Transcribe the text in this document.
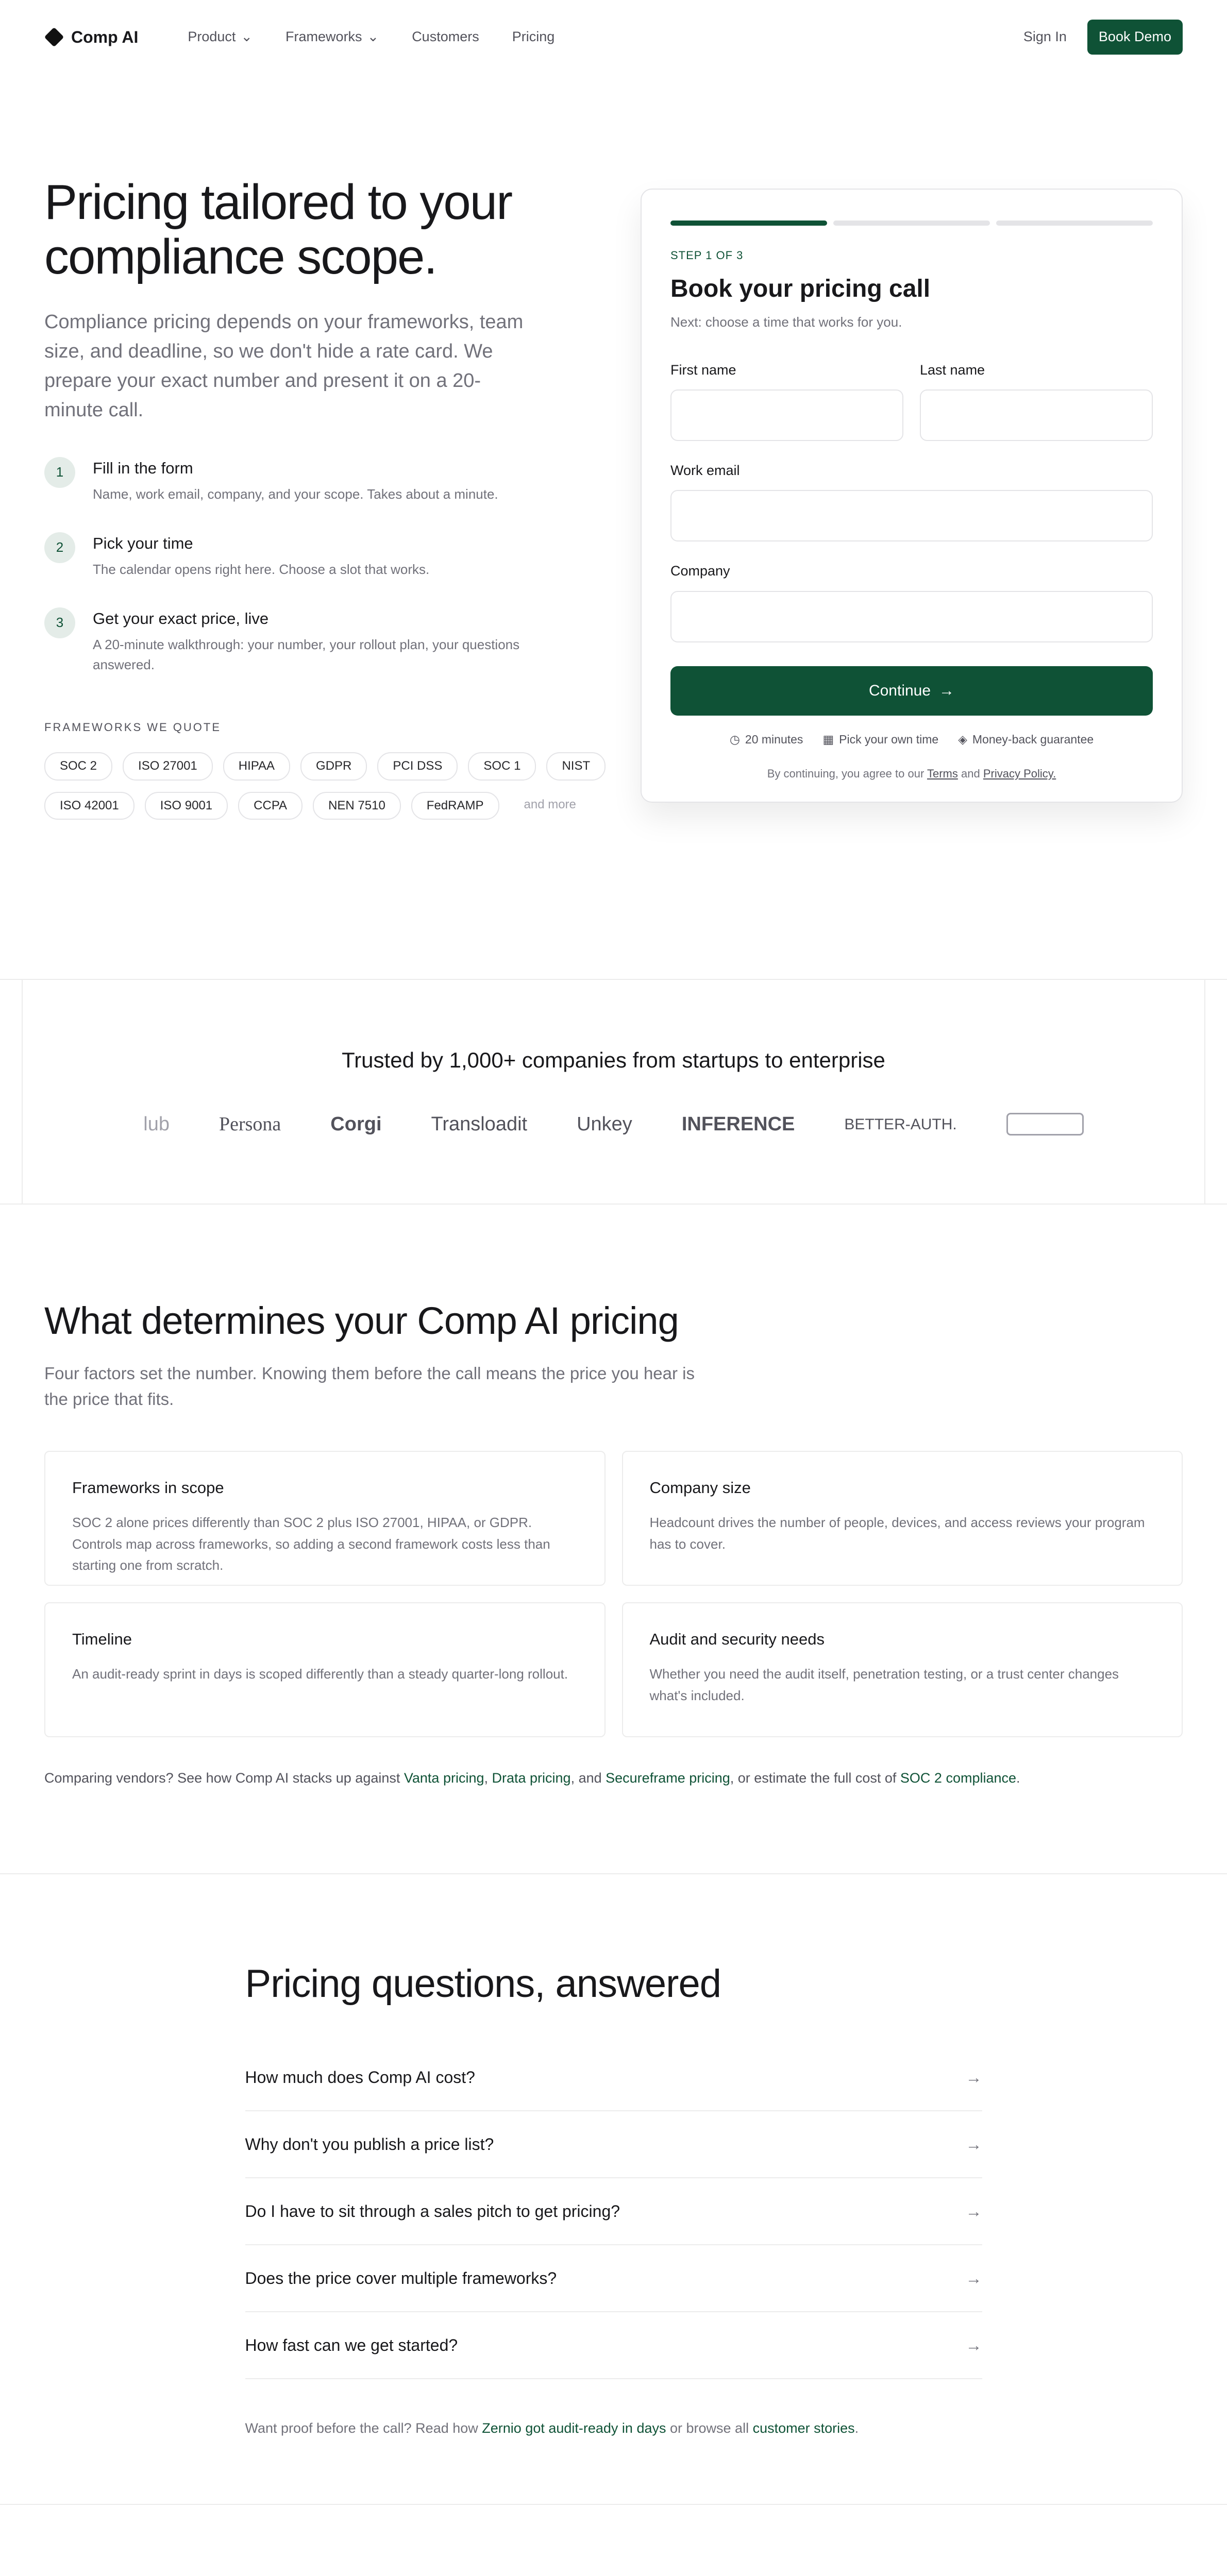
Comp AI	Product ⌄ Frameworks ⌄ Customers Pricing	Sign In	Book Demo
Pricing tailored to your compliance scope.

Compliance pricing depends on your frameworks, team size, and deadline, so we don't hide a rate card. We prepare your exact number and present it on a 20-minute call.

1	Fill in the form
Name, work email, company, and your scope. Takes about a minute.
2	Pick your time
The calendar opens right here. Choose a slot that works.
3	Get your exact price, live
A 20-minute walkthrough: your number, your rollout plan, your questions answered.
FRAMEWORKS WE QUOTE
SOC 2	ISO 27001	HIPAA	GDPR	PCI DSS	SOC 1	NIST
ISO 42001	ISO 9001	CCPA	NEN 7510	FedRAMP	and more
STEP 1 OF 3
Book your pricing call
Next: choose a time that works for you.
First name	Last name
Work email
Company
Continue →
◷ 20 minutes ▦ Pick your own time ◈ Money-back guarantee
By continuing, you agree to our Terms and Privacy Policy.
Trusted by 1,000+ companies from startups to enterprise
lub	Persona	Corgi	Transloadit	Unkey	INFERENCE	BETTER-AUTH.
What determines your Comp AI pricing

Four factors set the number. Knowing them before the call means the price you hear is the price that fits.

Frameworks in scope

SOC 2 alone prices differently than SOC 2 plus ISO 27001, HIPAA, or GDPR. Controls map across frameworks, so adding a second framework costs less than starting one from scratch.

Company size

Headcount drives the number of people, devices, and access reviews your program has to cover.

Timeline

An audit-ready sprint in days is scoped differently than a steady quarter-long rollout.

Audit and security needs

Whether you need the audit itself, penetration testing, or a trust center changes what's included.

Comparing vendors? See how Comp AI stacks up against Vanta pricing, Drata pricing, and Secureframe pricing, or estimate the full cost of SOC 2 compliance.

Pricing questions, answered
How much does Comp AI cost?	→
Why don't you publish a price list?	→
Do I have to sit through a sales pitch to get pricing?	→
Does the price cover multiple frameworks?	→
How fast can we get started?	→

Want proof before the call? Read how Zernio got audit-ready in days or browse all customer stories.
